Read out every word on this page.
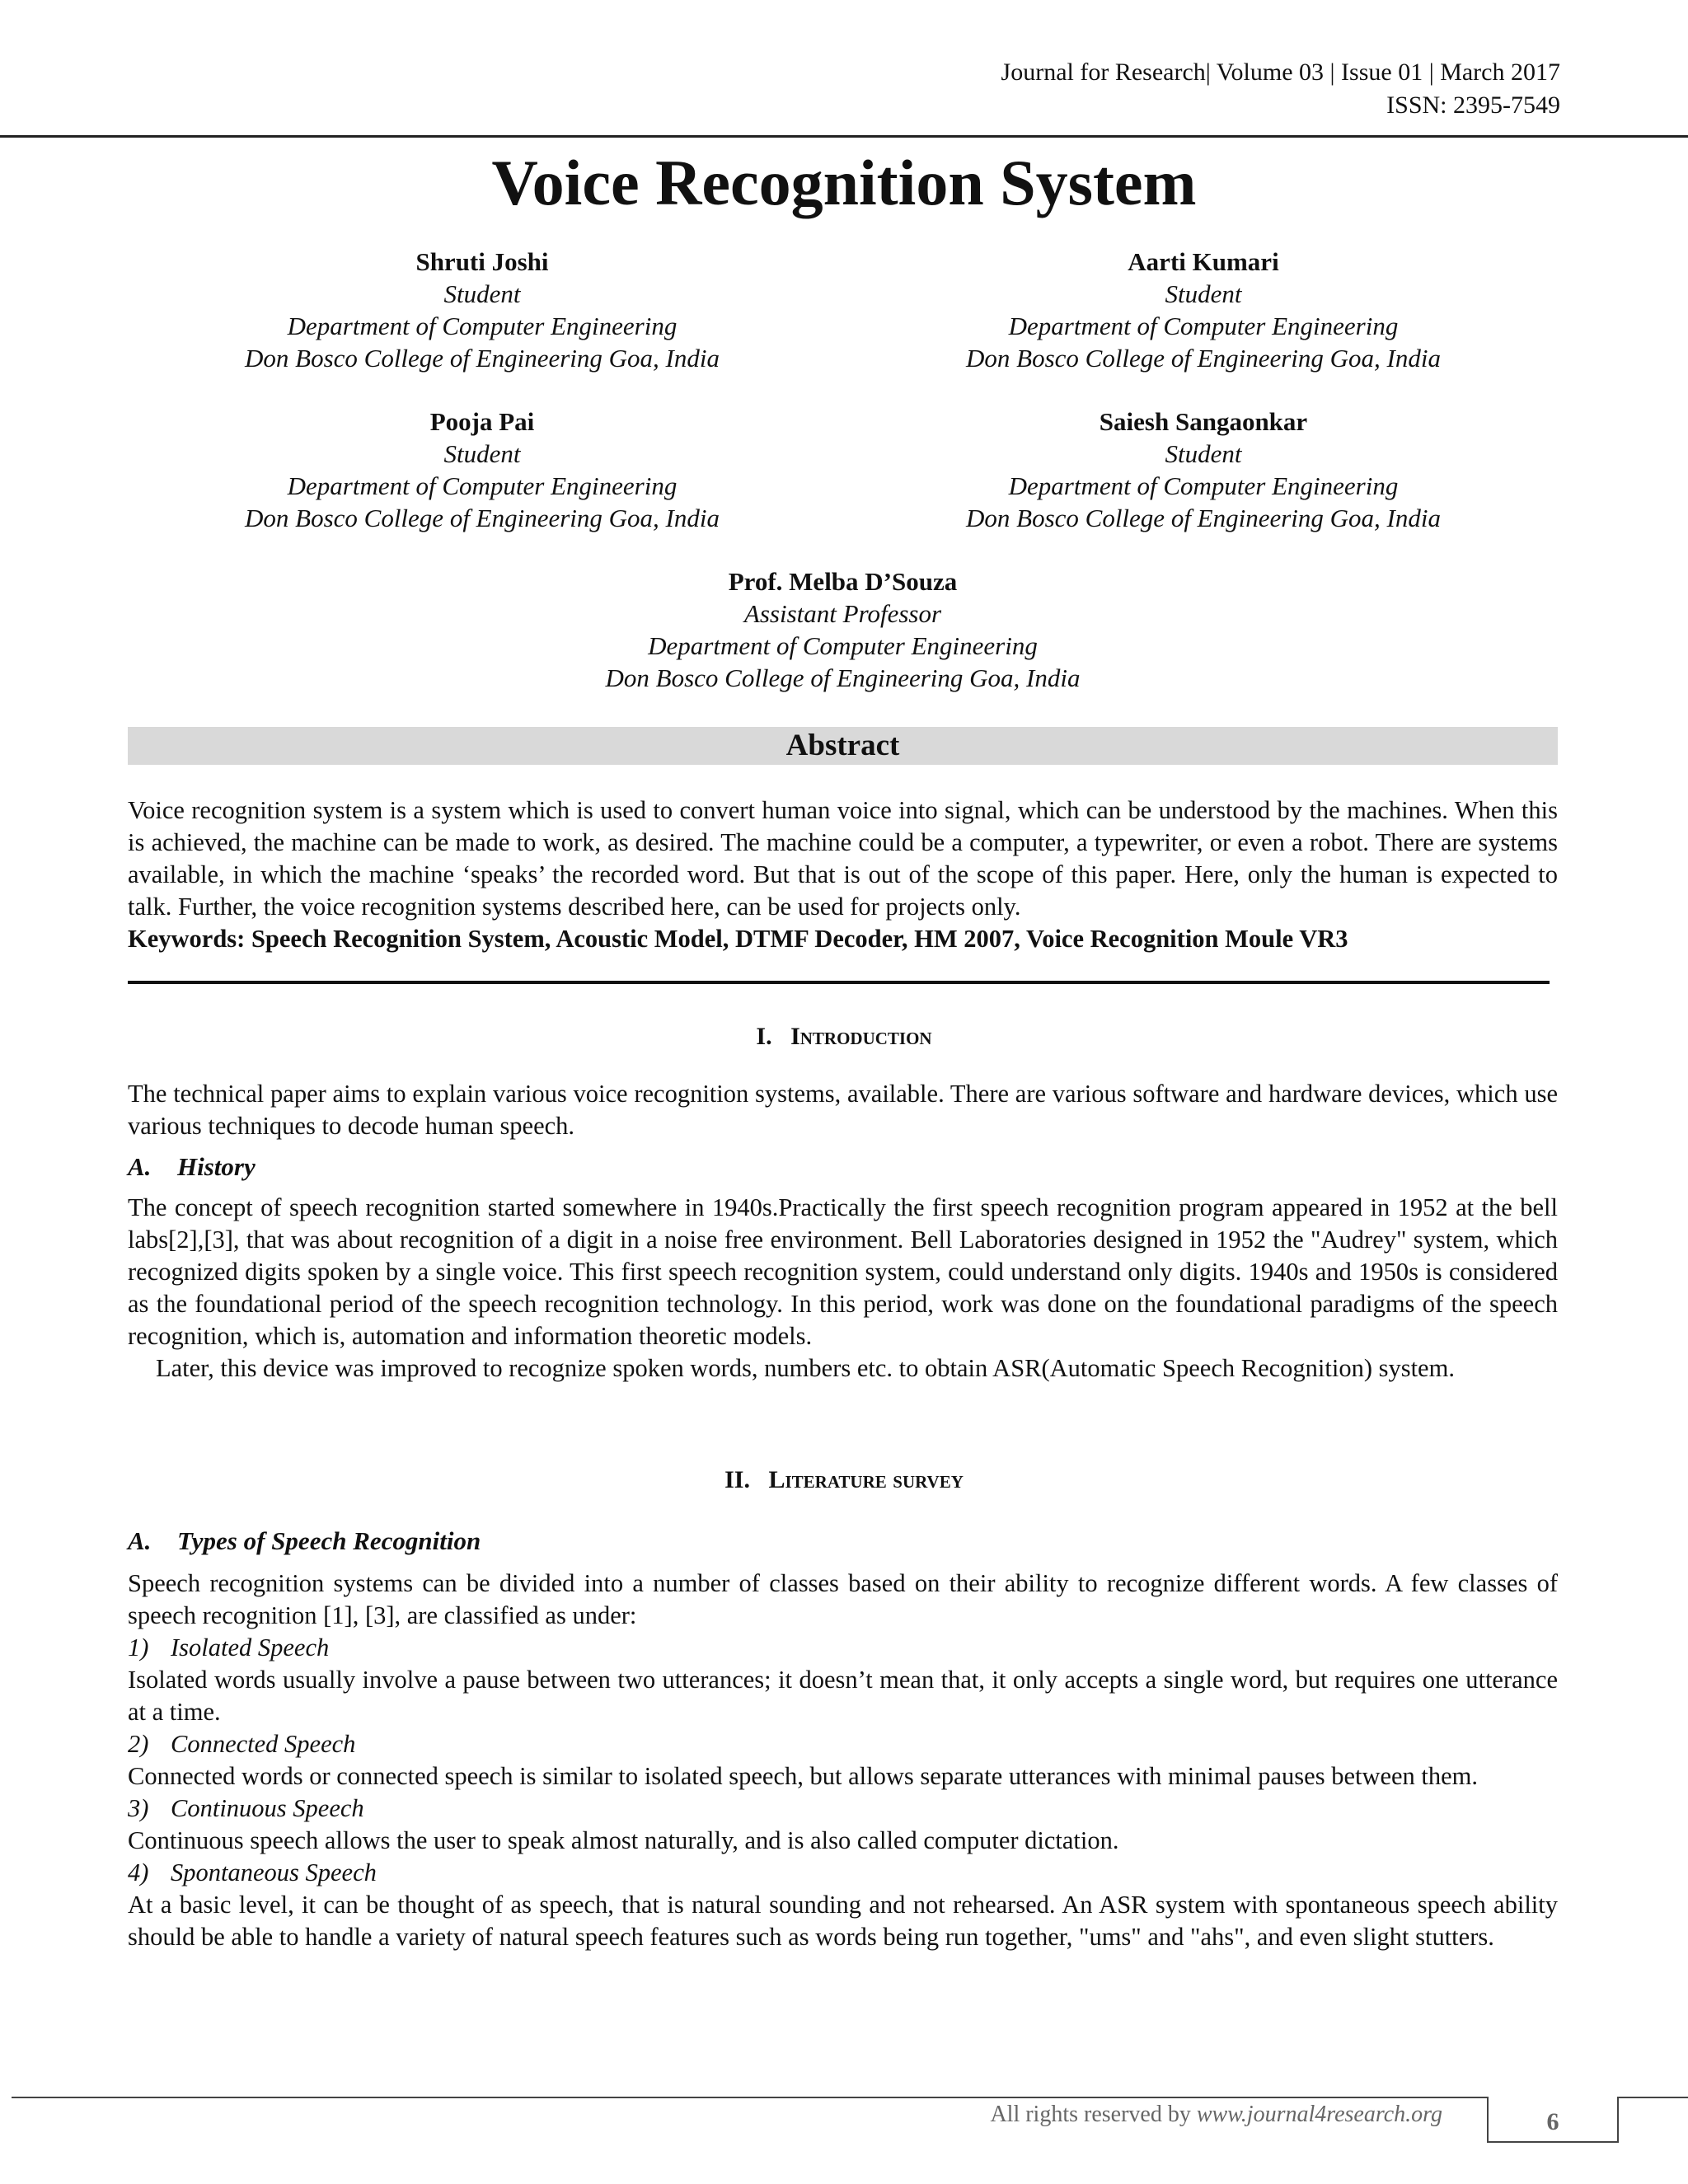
Journal for Research| Volume 03 | Issue 01 | March 2017
ISSN: 2395-7549
Voice Recognition System
Shruti Joshi
Student
Department of Computer Engineering
Don Bosco College of Engineering Goa, India
Aarti Kumari
Student
Department of Computer Engineering
Don Bosco College of Engineering Goa, India
Pooja Pai
Student
Department of Computer Engineering
Don Bosco College of Engineering Goa, India
Saiesh Sangaonkar
Student
Department of Computer Engineering
Don Bosco College of Engineering Goa, India
Prof. Melba D’Souza
Assistant Professor
Department of Computer Engineering
Don Bosco College of Engineering Goa, India
Abstract

Voice recognition system is a system which is used to convert human voice into signal, which can be understood by the machines. When this is achieved, the machine can be made to work, as desired. The machine could be a computer, a typewriter, or even a robot. There are systems available, in which the machine ‘speaks’ the recorded word. But that is out of the scope of this paper. Here, only the human is expected to talk. Further, the voice recognition systems described here, can be used for projects only.

Keywords: Speech Recognition System, Acoustic Model, DTMF Decoder, HM 2007, Voice Recognition Moule VR3

I. Introduction

The technical paper aims to explain various voice recognition systems, available. There are various software and hardware devices, which use various techniques to decode human speech.

A. History

The concept of speech recognition started somewhere in 1940s.Practically the first speech recognition program appeared in 1952 at the bell labs[2],[3], that was about recognition of a digit in a noise free environment. Bell Laboratories designed in 1952 the "Audrey" system, which recognized digits spoken by a single voice. This first speech recognition system, could understand only digits. 1940s and 1950s is considered as the foundational period of the speech recognition technology. In this period, work was done on the foundational paradigms of the speech recognition, which is, automation and information theoretic models.

Later, this device was improved to recognize spoken words, numbers etc. to obtain ASR(Automatic Speech Recognition) system.

II. Literature survey

A. Types of Speech Recognition

Speech recognition systems can be divided into a number of classes based on their ability to recognize different words. A few classes of speech recognition [1], [3], are classified as under:

1) Isolated Speech

Isolated words usually involve a pause between two utterances; it doesn’t mean that, it only accepts a single word, but requires one utterance at a time.

2) Connected Speech

Connected words or connected speech is similar to isolated speech, but allows separate utterances with minimal pauses between them.

3) Continuous Speech

Continuous speech allows the user to speak almost naturally, and is also called computer dictation.

4) Spontaneous Speech

At a basic level, it can be thought of as speech, that is natural sounding and not rehearsed. An ASR system with spontaneous speech ability should be able to handle a variety of natural speech features such as words being run together, "ums" and "ahs", and even slight stutters.

All rights reserved by www.journal4research.org	6
